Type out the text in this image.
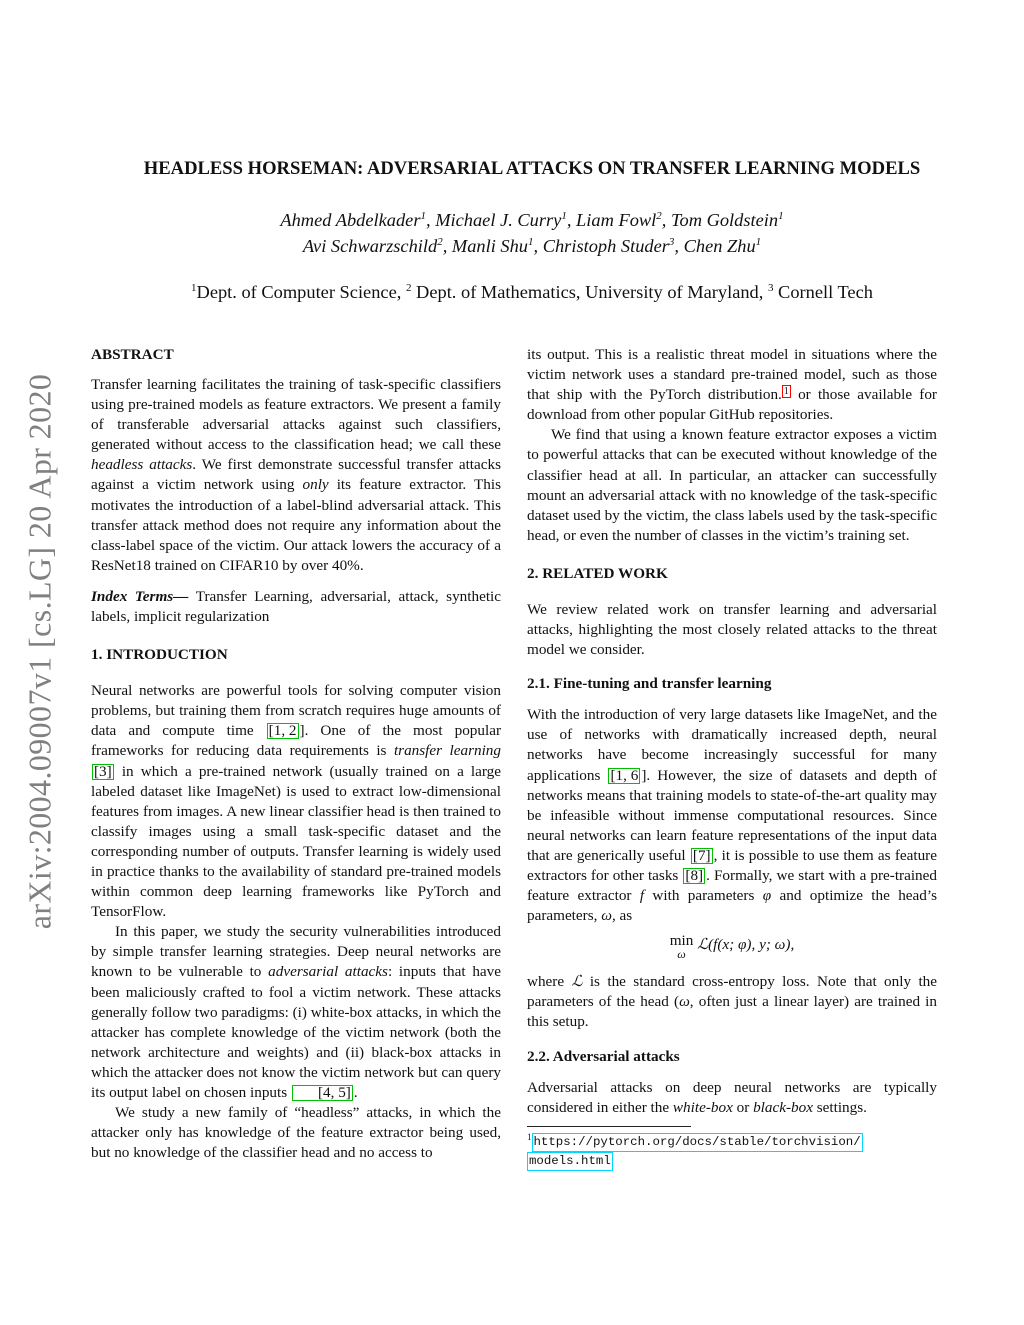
arXiv:2004.09007v1 [cs.LG] 20 Apr 2020
HEADLESS HORSEMAN: ADVERSARIAL ATTACKS ON TRANSFER LEARNING MODELS
Ahmed Abdelkader$^1$, Michael J. Curry$^1$, Liam Fowl$^2$, Tom Goldstein$^1$
Avi Schwarzschild$^2$, Manli Shu$^1$, Christoph Studer$^3$, Chen Zhu$^1$
$^1$Dept. of Computer Science, $^2$ Dept. of Mathematics, University of Maryland, $^3$ Cornell Tech

ABSTRACT

Transfer learning facilitates the training of task-specific classifiers using pre-trained models as feature extractors. We present a family of transferable adversarial attacks against such classifiers, generated without access to the classification head; we call these headless attacks. We first demonstrate successful transfer attacks against a victim network using only its feature extractor. This motivates the introduction of a label-blind adversarial attack. This transfer attack method does not require any information about the class-label space of the victim. Our attack lowers the accuracy of a ResNet18 trained on CIFAR10 by over 40%.

Index Terms— Transfer Learning, adversarial, attack, synthetic labels, implicit regularization

1. INTRODUCTION

Neural networks are powerful tools for solving computer vision problems, but training them from scratch requires huge amounts of data and compute time [1, 2 ]. One of the most popular frameworks for reducing data requirements is transfer learning [3] in which a pre-trained network (usually trained on a large labeled dataset like ImageNet) is used to extract low-dimensional features from images. A new linear classifier head is then trained to classify images using a small task-specific dataset and the corresponding number of outputs. Transfer learning is widely used in practice thanks to the availability of standard pre-trained models within common deep learning frameworks like PyTorch and TensorFlow.

In this paper, we study the security vulnerabilities introduced by simple transfer learning strategies. Deep neural networks are known to be vulnerable to adversarial attacks: inputs that have been maliciously crafted to fool a victim network. These attacks generally follow two paradigms: (i) white-box attacks, in which the attacker has complete knowledge of the victim network (both the network architecture and weights) and (ii) black-box attacks in which the attacker does not know the victim network but can query its output label on chosen inputs [4, 5] .

We study a new family of “headless” attacks, in which the attacker only has knowledge of the feature extractor being used, but no knowledge of the classifier head and no access to

its output. This is a realistic threat model in situations where the victim network uses a standard pre-trained model, such as those that ship with the PyTorch distribution. 1 or those available for download from other popular GitHub repositories.

We find that using a known feature extractor exposes a victim to powerful attacks that can be executed without knowledge of the classifier head at all. In particular, an attacker can successfully mount an adversarial attack with no knowledge of the task-specific dataset used by the victim, the class labels used by the task-specific head, or even the number of classes in the victim’s training set.

2. RELATED WORK

We review related work on transfer learning and adversarial attacks, highlighting the most closely related attacks to the threat model we consider.

2.1. Fine-tuning and transfer learning

With the introduction of very large datasets like ImageNet, and the use of networks with dramatically increased depth, neural networks have become increasingly successful for many applications [1, 6 ]. However, the size of datasets and depth of networks means that training models to state-of-the-art quality may be infeasible without immense computational resources. Since neural networks can learn feature representations of the input data that are generically useful [7] , it is possible to use them as feature extractors for other tasks [8] . Formally, we start with a pre-trained feature extractor f with parameters φ and optimize the head’s parameters, ω, as

min
ω
ℒ(f(x; φ), y; ω),

where ℒ is the standard cross-entropy loss. Note that only the parameters of the head (ω, often just a linear layer) are trained in this setup.

2.2. Adversarial attacks

Adversarial attacks on deep neural networks are typically considered in either the white-box or black-box settings.

$^1$ https://pytorch.org/docs/stable/torchvision/
models.html
